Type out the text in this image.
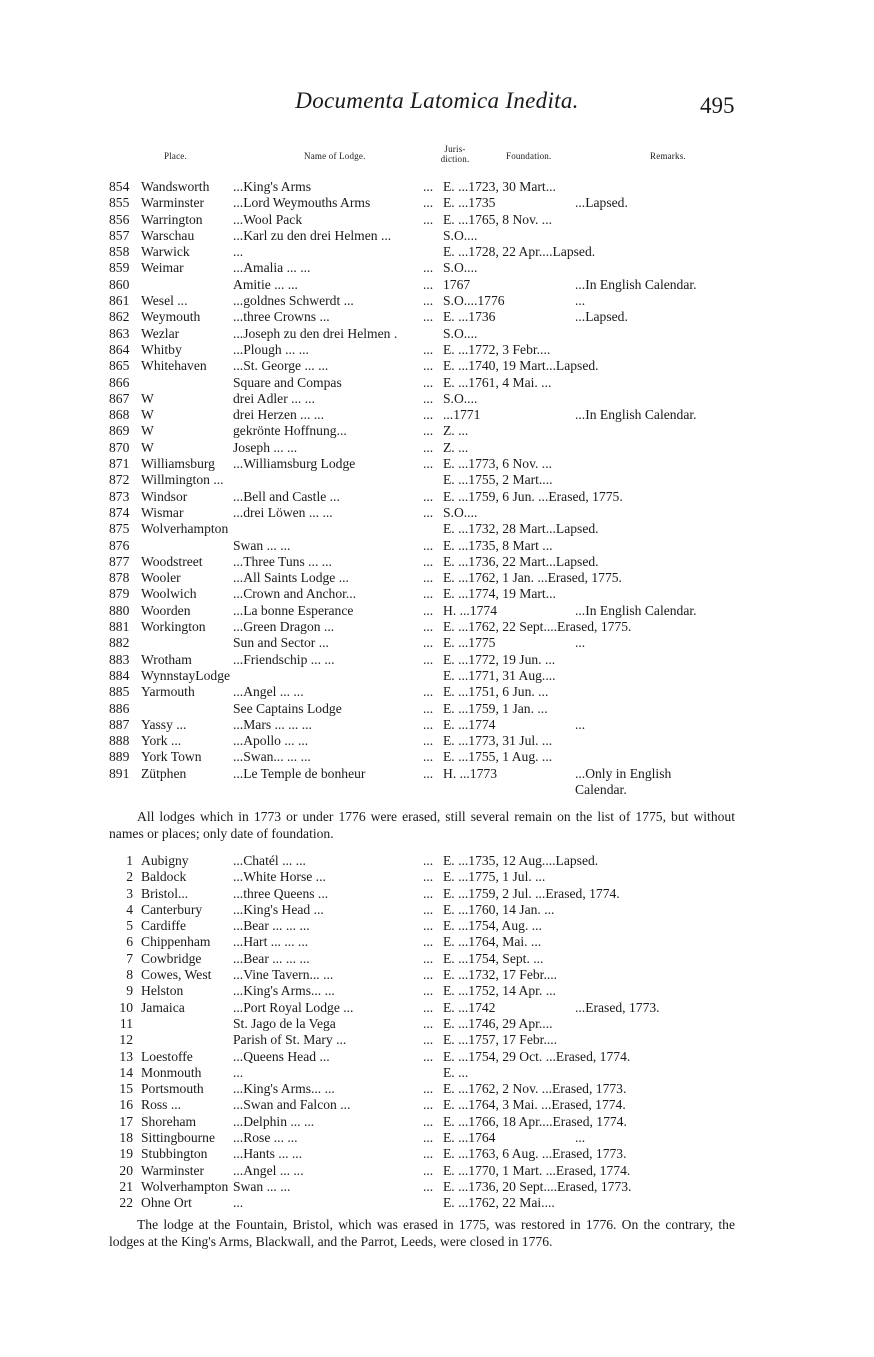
Documenta Latomica Inedita.	495
Place.	Name of Lodge.
Juris-
diction.	Foundation.	Remarks.
854 Wandsworth ...King's Arms	... E. ...1723, 30 Mart...
855 Warminster ...Lord Weymouths Arms	... E. ...1735	...Lapsed.
856 Warrington ...Wool Pack	... E. ...1765, 8 Nov. ...
857 Warschau	...Karl zu den drei Helmen ...	S.O....
858 Warwick	...	E. ...1728, 22 Apr....Lapsed.
859 Weimar	...Amalia ... ...	... S.O....
860	Amitie ... ...	... 1767	...In English Calendar.
861 Wesel ...	...goldnes Schwerdt ...	... S.O....1776	...
862 Weymouth ...three Crowns ...	... E. ...1736	...Lapsed.
863 Wezlar	...Joseph zu den drei Helmen .	S.O....
864 Whitby	...Plough ... ...	... E. ...1772, 3 Febr....
865 Whitehaven ...St. George ... ...	... E. ...1740, 19 Mart...Lapsed.
866	Square and Compas	... E. ...1761, 4 Mai. ...
867 W	drei Adler ... ...	... S.O....
868 W	drei Herzen ... ...	... ...1771	...In English Calendar.
869 W	gekrönte Hoffnung...	... Z. ...
870 W	Joseph ... ...	... Z. ...
871 Williamsburg ...Williamsburg Lodge	... E. ...1773, 6 Nov. ...
872 Willmington ...	E. ...1755, 2 Mart....
873 Windsor	...Bell and Castle ...	... E. ...1759, 6 Jun. ...Erased, 1775.
874 Wismar	...drei Löwen ... ...	... S.O....
875 Wolverhampton	E. ...1732, 28 Mart...Lapsed.
876	Swan ... ...	... E. ...1735, 8 Mart ...
877 Woodstreet ...Three Tuns ... ...	... E. ...1736, 22 Mart...Lapsed.
878 Wooler	...All Saints Lodge ...	... E. ...1762, 1 Jan. ...Erased, 1775.
879 Woolwich	...Crown and Anchor...	... E. ...1774, 19 Mart...
880 Woorden	...La bonne Esperance	... H. ...1774	...In English Calendar.
881 Workington ...Green Dragon ...	... E. ...1762, 22 Sept....Erased, 1775.
882	Sun and Sector ...	... E. ...1775	...
883 Wrotham	...Friendschip ... ...	... E. ...1772, 19 Jun. ...
884 WynnstayLodge	E. ...1771, 31 Aug....
885 Yarmouth	...Angel ... ...	... E. ...1751, 6 Jun. ...
886	See Captains Lodge	... E. ...1759, 1 Jan. ...
887 Yassy ...	...Mars ... ... ...	... E. ...1774	...
888 York ...	...Apollo ... ...	... E. ...1773, 31 Jul. ...
889 York Town ...Swan... ... ...	... E. ...1755, 1 Aug. ...
891 Zütphen	...Le Temple de bonheur	... H. ...1773	...Only in English
Calendar.
All lodges which in 1773 or under 1776 were erased, still several remain on the list of 1775, but without names or places; only date of foundation.
1 Aubigny	...Chatél ... ...	... E. ...1735, 12 Aug....Lapsed.
2 Baldock	...White Horse ...	... E. ...1775, 1 Jul. ...
3 Bristol...	...three Queens ...	... E. ...1759, 2 Jul. ...Erased, 1774.
4 Canterbury ...King's Head ...	... E. ...1760, 14 Jan. ...
5 Cardiffe	...Bear ... ... ...	... E. ...1754, Aug. ...
6 Chippenham ...Hart ... ... ...	... E. ...1764, Mai. ...
7 Cowbridge ...Bear ... ... ...	... E. ...1754, Sept. ...
8 Cowes, West ...Vine Tavern... ...	... E. ...1732, 17 Febr....
9 Helston	...King's Arms... ...	... E. ...1752, 14 Apr. ...
10 Jamaica	...Port Royal Lodge ...	... E. ...1742	...Erased, 1773.
11	St. Jago de la Vega	... E. ...1746, 29 Apr....
12	Parish of St. Mary ...	... E. ...1757, 17 Febr....
13 Loestoffe	...Queens Head ...	... E. ...1754, 29 Oct. ...Erased, 1774.
14 Monmouth ...	E. ...
15 Portsmouth ...King's Arms... ...	... E. ...1762, 2 Nov. ...Erased, 1773.
16 Ross ...	...Swan and Falcon ...	... E. ...1764, 3 Mai. ...Erased, 1774.
17 Shoreham	...Delphin ... ...	... E. ...1766, 18 Apr....Erased, 1774.
18 Sittingbourne ...Rose ... ...	... E. ...1764	...
19 Stubbington ...Hants ... ...	... E. ...1763, 6 Aug. ...Erased, 1773.
20 Warminster ...Angel ... ...	... E. ...1770, 1 Mart. ...Erased, 1774.
21 Wolverhampton Swan ... ...	... E. ...1736, 20 Sept....Erased, 1773.
22 Ohne Ort	...	E. ...1762, 22 Mai....
The lodge at the Fountain, Bristol, which was erased in 1775, was restored in 1776. On the contrary, the lodges at the King's Arms, Blackwall, and the Parrot, Leeds, were closed in 1776.
